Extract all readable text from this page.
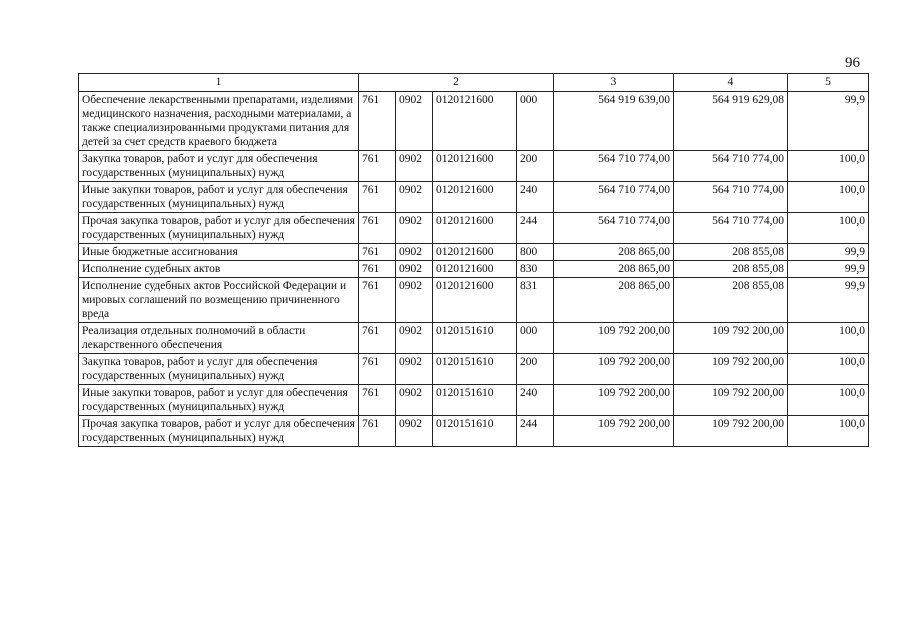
96
1	2				3	4	5
Обеспечение лекарственными препаратами, изделиями медицинского назначения, расходными материалами, а также специализированными продуктами питания для детей за счет средств краевого бюджета	761	0902	0120121600	000	564 919 639,00	564 919 629,08	99,9
Закупка товаров, работ и услуг для обеспечения государственных (муниципальных) нужд	761	0902	0120121600	200	564 710 774,00	564 710 774,00	100,0
Иные закупки товаров, работ и услуг для обеспечения государственных (муниципальных) нужд	761	0902	0120121600	240	564 710 774,00	564 710 774,00	100,0
Прочая закупка товаров, работ и услуг для обеспечения государственных (муниципальных) нужд	761	0902	0120121600	244	564 710 774,00	564 710 774,00	100,0
Иные бюджетные ассигнования	761	0902	0120121600	800	208 865,00	208 855,08	99,9
Исполнение судебных актов	761	0902	0120121600	830	208 865,00	208 855,08	99,9
Исполнение судебных актов Российской Федерации и мировых соглашений по возмещению причиненного вреда	761	0902	0120121600	831	208 865,00	208 855,08	99,9
Реализация отдельных полномочий в области лекарственного обеспечения	761	0902	0120151610	000	109 792 200,00	109 792 200,00	100,0
Закупка товаров, работ и услуг для обеспечения государственных (муниципальных) нужд	761	0902	0120151610	200	109 792 200,00	109 792 200,00	100,0
Иные закупки товаров, работ и услуг для обеспечения государственных (муниципальных) нужд	761	0902	0120151610	240	109 792 200,00	109 792 200,00	100,0
Прочая закупка товаров, работ и услуг для обеспечения государственных (муниципальных) нужд	761	0902	0120151610	244	109 792 200,00	109 792 200,00	100,0
